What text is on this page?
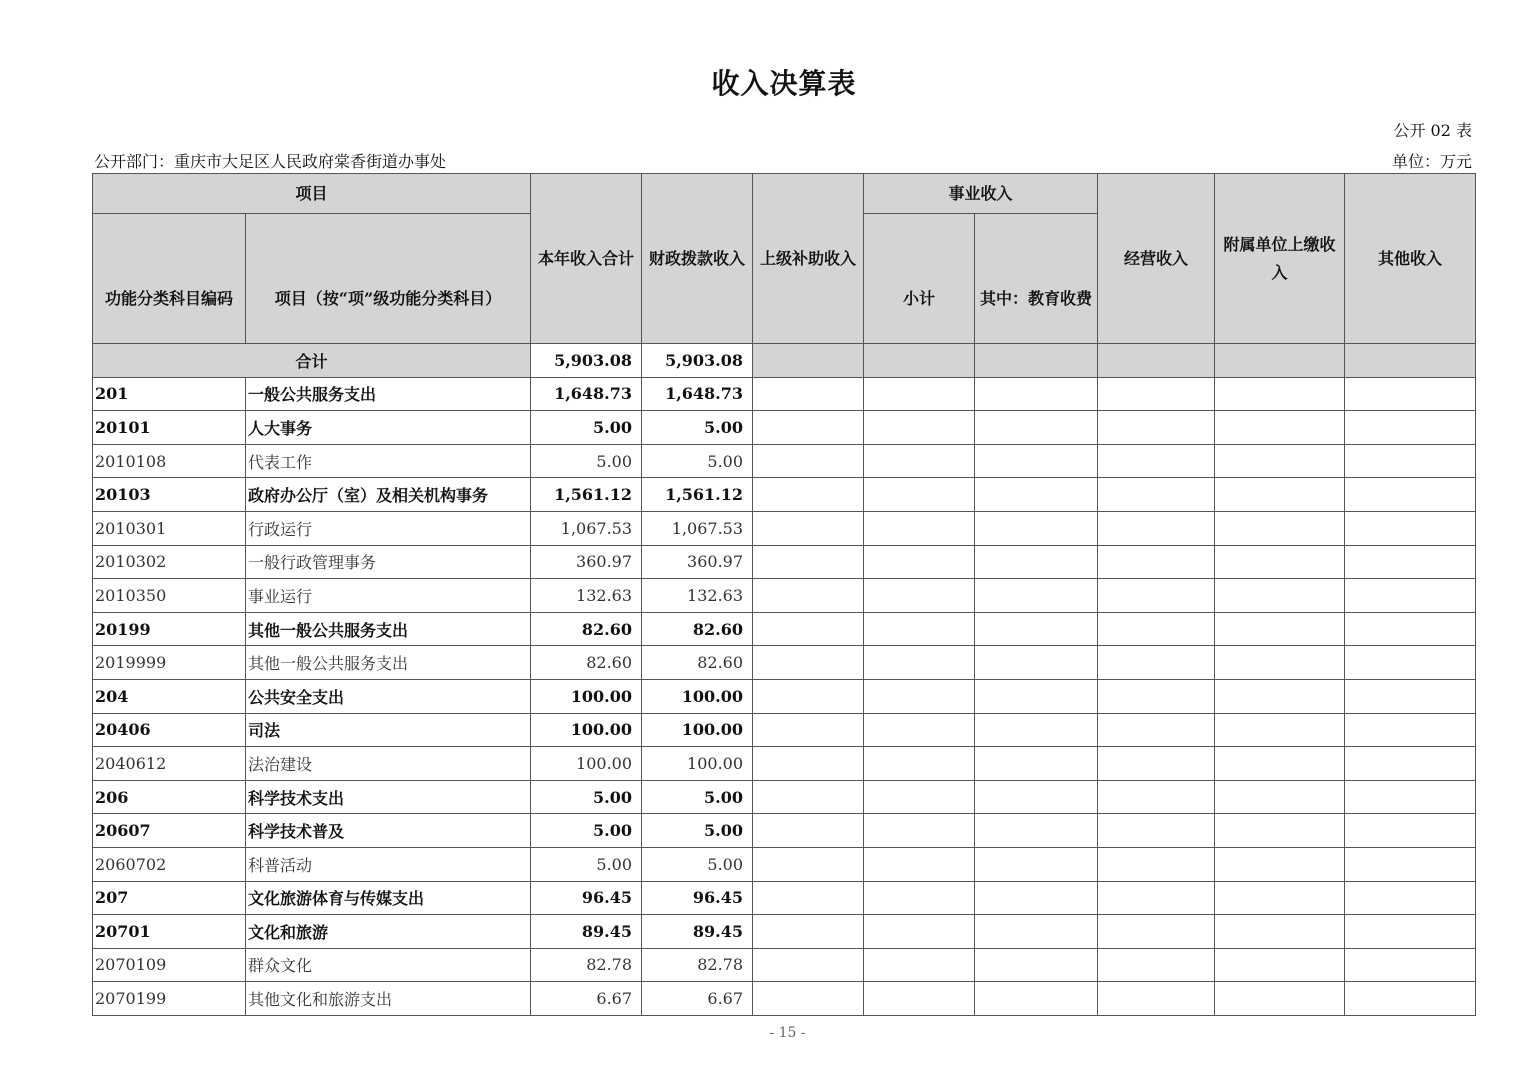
收入决算表
公开 02 表
公开部门：重庆市大足区人民政府棠香街道办事处	单位：万元
项目		本年收入合计	财政拨款收入	上级补助收入	事业收入		经营收入	附属单位上缴收入	其他收入
功能分类科目编码	项目（按“项”级功能分类科目）				小计	其中：教育收费			
合计		5,903.08	5,903.08						
201	一般公共服务支出	1,648.73	1,648.73						
20101	人大事务	5.00	5.00						
2010108	代表工作	5.00	5.00						
20103	政府办公厅（室）及相关机构事务	1,561.12	1,561.12						
2010301	行政运行	1,067.53	1,067.53						
2010302	一般行政管理事务	360.97	360.97						
2010350	事业运行	132.63	132.63						
20199	其他一般公共服务支出	82.60	82.60						
2019999	其他一般公共服务支出	82.60	82.60						
204	公共安全支出	100.00	100.00						
20406	司法	100.00	100.00						
2040612	法治建设	100.00	100.00						
206	科学技术支出	5.00	5.00						
20607	科学技术普及	5.00	5.00						
2060702	科普活动	5.00	5.00						
207	文化旅游体育与传媒支出	96.45	96.45						
20701	文化和旅游	89.45	89.45						
2070109	群众文化	82.78	82.78						
2070199	其他文化和旅游支出	6.67	6.67						
- 15 -
